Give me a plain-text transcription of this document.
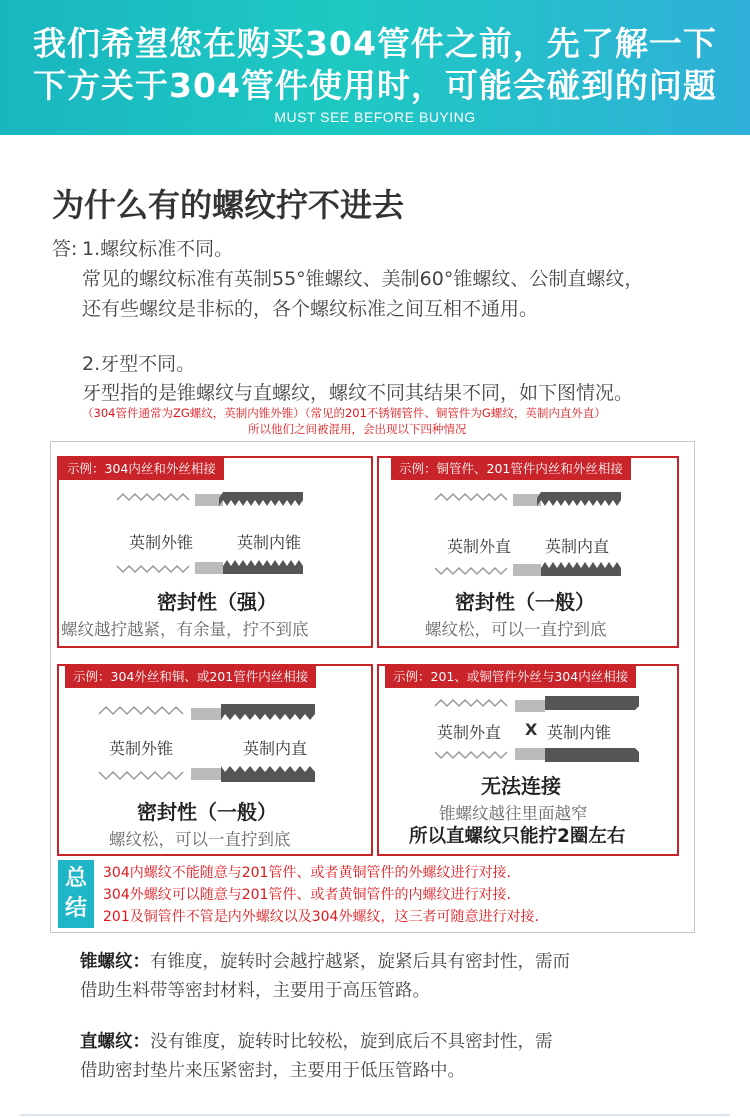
我们希望您在购买304管件之前，先了解一下
下方关于304管件使用时，可能会碰到的问题
MUST SEE BEFORE BUYING
为什么有的螺纹拧不进去
答: 1.螺纹标准不同。
常见的螺纹标准有英制55°锥螺纹、美制60°锥螺纹、公制直螺纹，
还有些螺纹是非标的，各个螺纹标准之间互相不通用。
2.牙型不同。
牙型指的是锥螺纹与直螺纹，螺纹不同其结果不同，如下图情况。
（304管件通常为ZG螺纹，英制内锥外锥）（常见的201不锈钢管件、铜管件为G螺纹，英制内直外直）
所以他们之间被混用，会出现以下四种情况
示例：304内丝和外丝相接
英制外锥	英制内锥
密封性（强）
螺纹越拧越紧，有余量，拧不到底
示例：铜管件、201管件内丝和外丝相接
英制外直 英制内直
密封性（一般）
螺纹松，可以一直拧到底
示例：304外丝和铜、或201管件内丝相接
英制外锥	英制内直
密封性（一般）
螺纹松，可以一直拧到底
示例：201、或铜管件外丝与304内丝相接
英制外直 X 英制内锥
无法连接
锥螺纹越往里面越窄
所以直螺纹只能拧2圈左右
总结
304内螺纹不能随意与201管件、或者黄铜管件的外螺纹进行对接.
304外螺纹可以随意与201管件、或者黄铜管件的内螺纹进行对接.
201及铜管件不管是内外螺纹以及304外螺纹，这三者可随意进行对接.
锥螺纹：有锥度，旋转时会越拧越紧，旋紧后具有密封性，需而
借助生料带等密封材料，主要用于高压管路。
直螺纹：没有锥度，旋转时比较松，旋到底后不具密封性，需
借助密封垫片来压紧密封，主要用于低压管路中。
